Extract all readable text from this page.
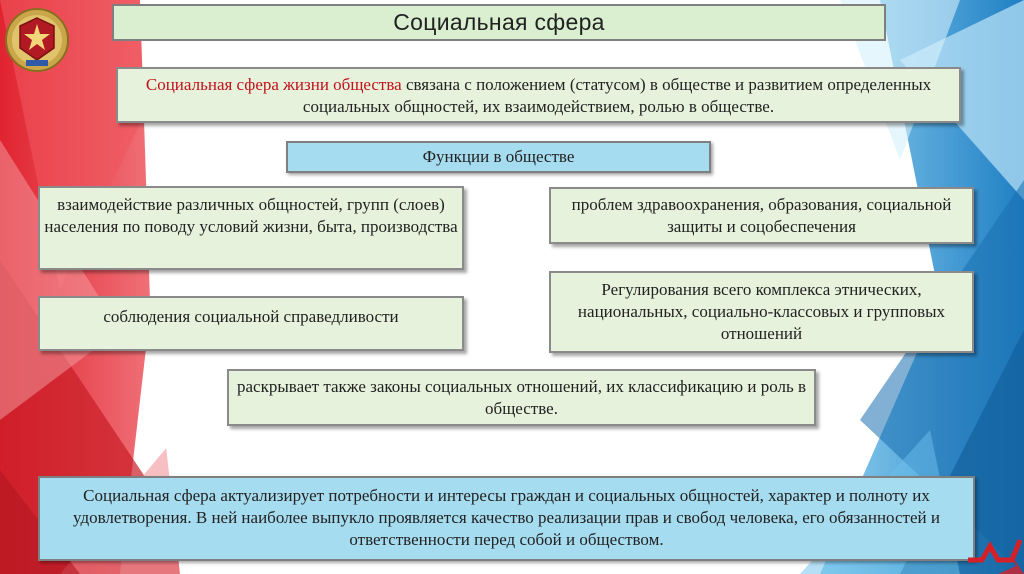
Социальная сфера
Социальная сфера жизни общества связана с положением (статусом) в обществе и развитием определенных социальных общностей, их взаимодействием, ролью в обществе.
Функции в обществе
взаимодействие различных общностей, групп (слоев) населения по поводу условий жизни, быта, производства
проблем здравоохранения, образования, социальной защиты и соцобеспечения
соблюдения социальной справедливости
Регулирования всего комплекса этнических, национальных, социально-классовых и групповых отношений
раскрывает также законы социальных отношений, их классификацию и роль в обществе.
Социальная сфера актуализирует потребности и интересы граждан и социальных общностей, характер и полноту их удовлетворения. В ней наиболее выпукло проявляется качество реализации прав и свобод человека, его обязанностей и ответственности перед собой и обществом.
